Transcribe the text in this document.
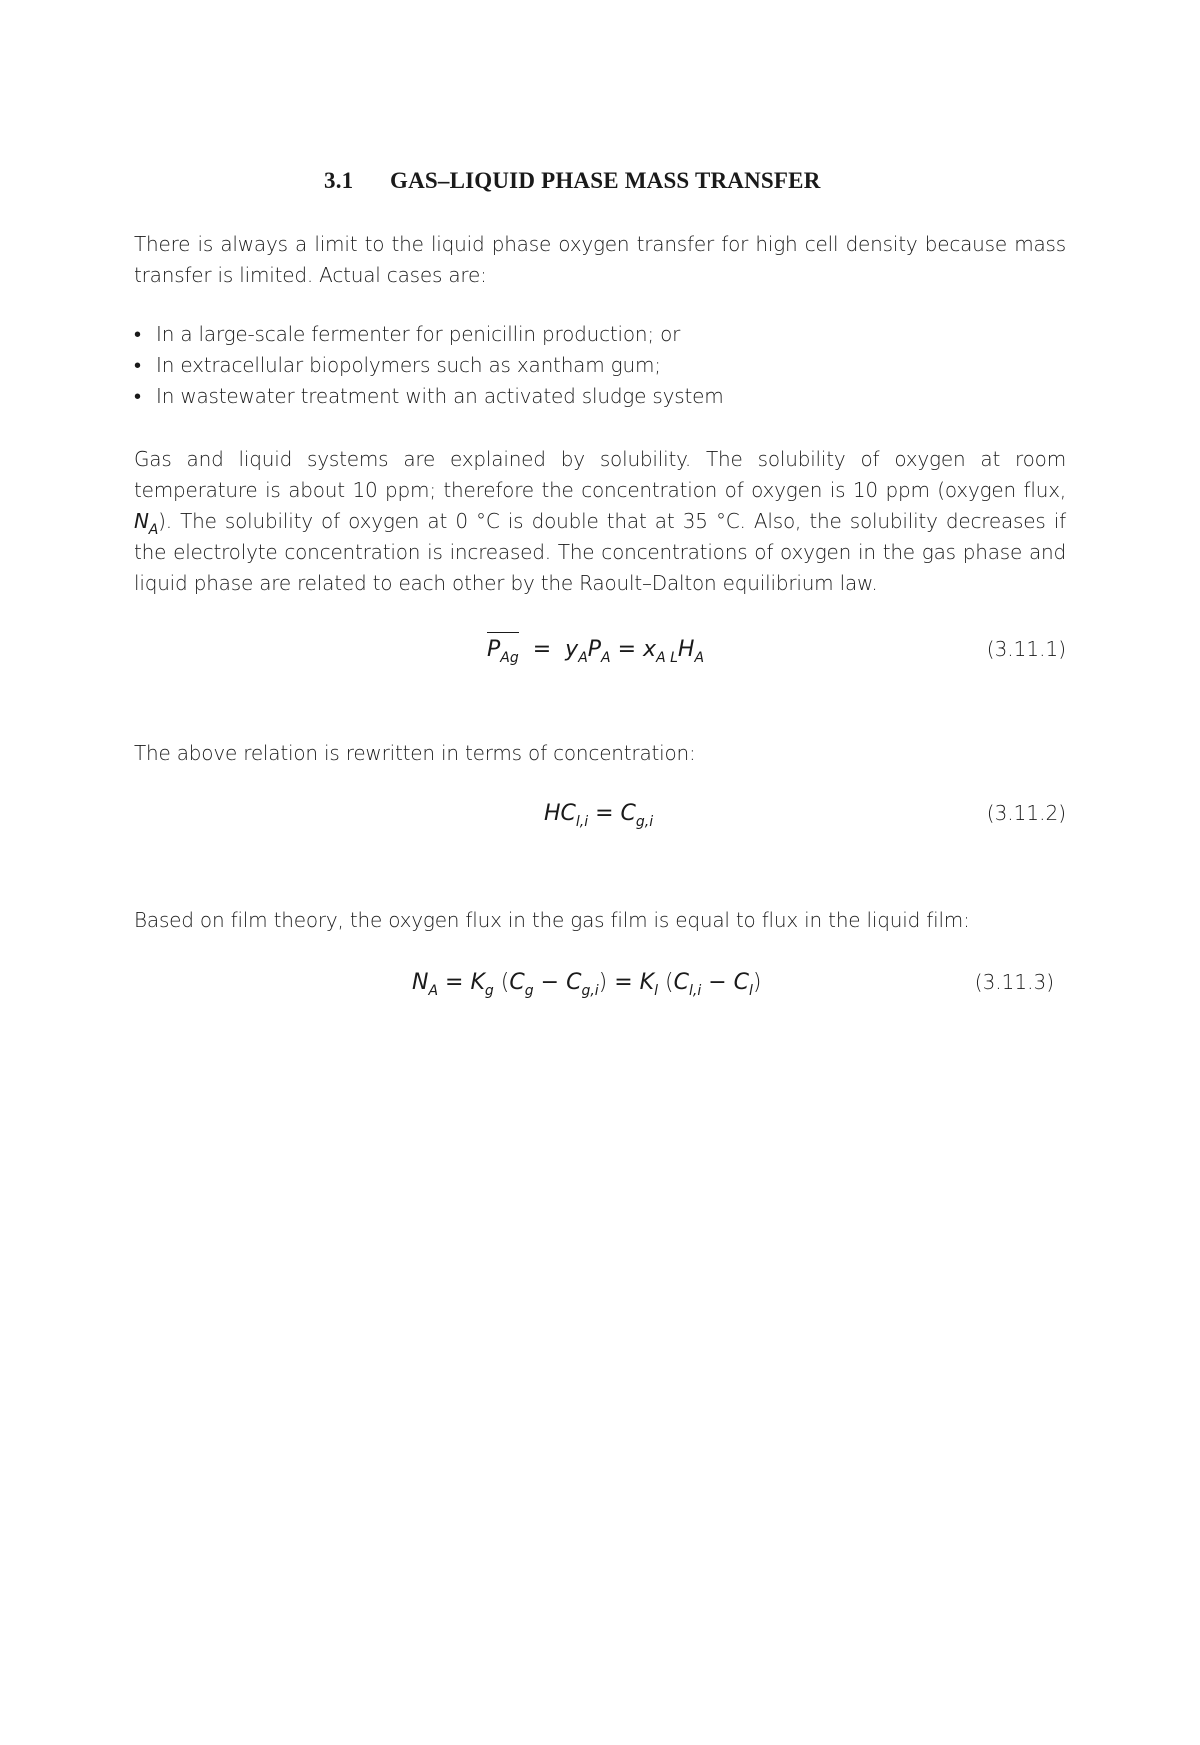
3.1 GAS–LIQUID PHASE MASS TRANSFER

There is always a limit to the liquid phase oxygen transfer for high cell density because mass transfer is limited. Actual cases are:

• In a large-scale fermenter for penicillin production; or
• In extracellular biopolymers such as xantham gum;
• In wastewater treatment with an activated sludge system

Gas and liquid systems are explained by solubility. The solubility of oxygen at room temperature is about 10 ppm; therefore the concentration of oxygen is 10 ppm (oxygen flux, $N_A$). The solubility of oxygen at 0 °C is double that at 35 °C. Also, the solubility decreases if the electrolyte concentration is increased. The concentrations of oxygen in the gas phase and liquid phase are related to each other by the Raoult–Dalton equilibrium law.

$P_{Ag} = y_AP_A = x_{A L}H_A$	(3.11.1)

The above relation is rewritten in terms of concentration:

$HC_{l,i} = C_{g,i}$	(3.11.2)

Based on film theory, the oxygen flux in the gas film is equal to flux in the liquid film:

$N_A = K_g$ $(C_g - C_{g,i}) = K_l$ $(C_{l,i} - C_l)$	(3.11.3)
